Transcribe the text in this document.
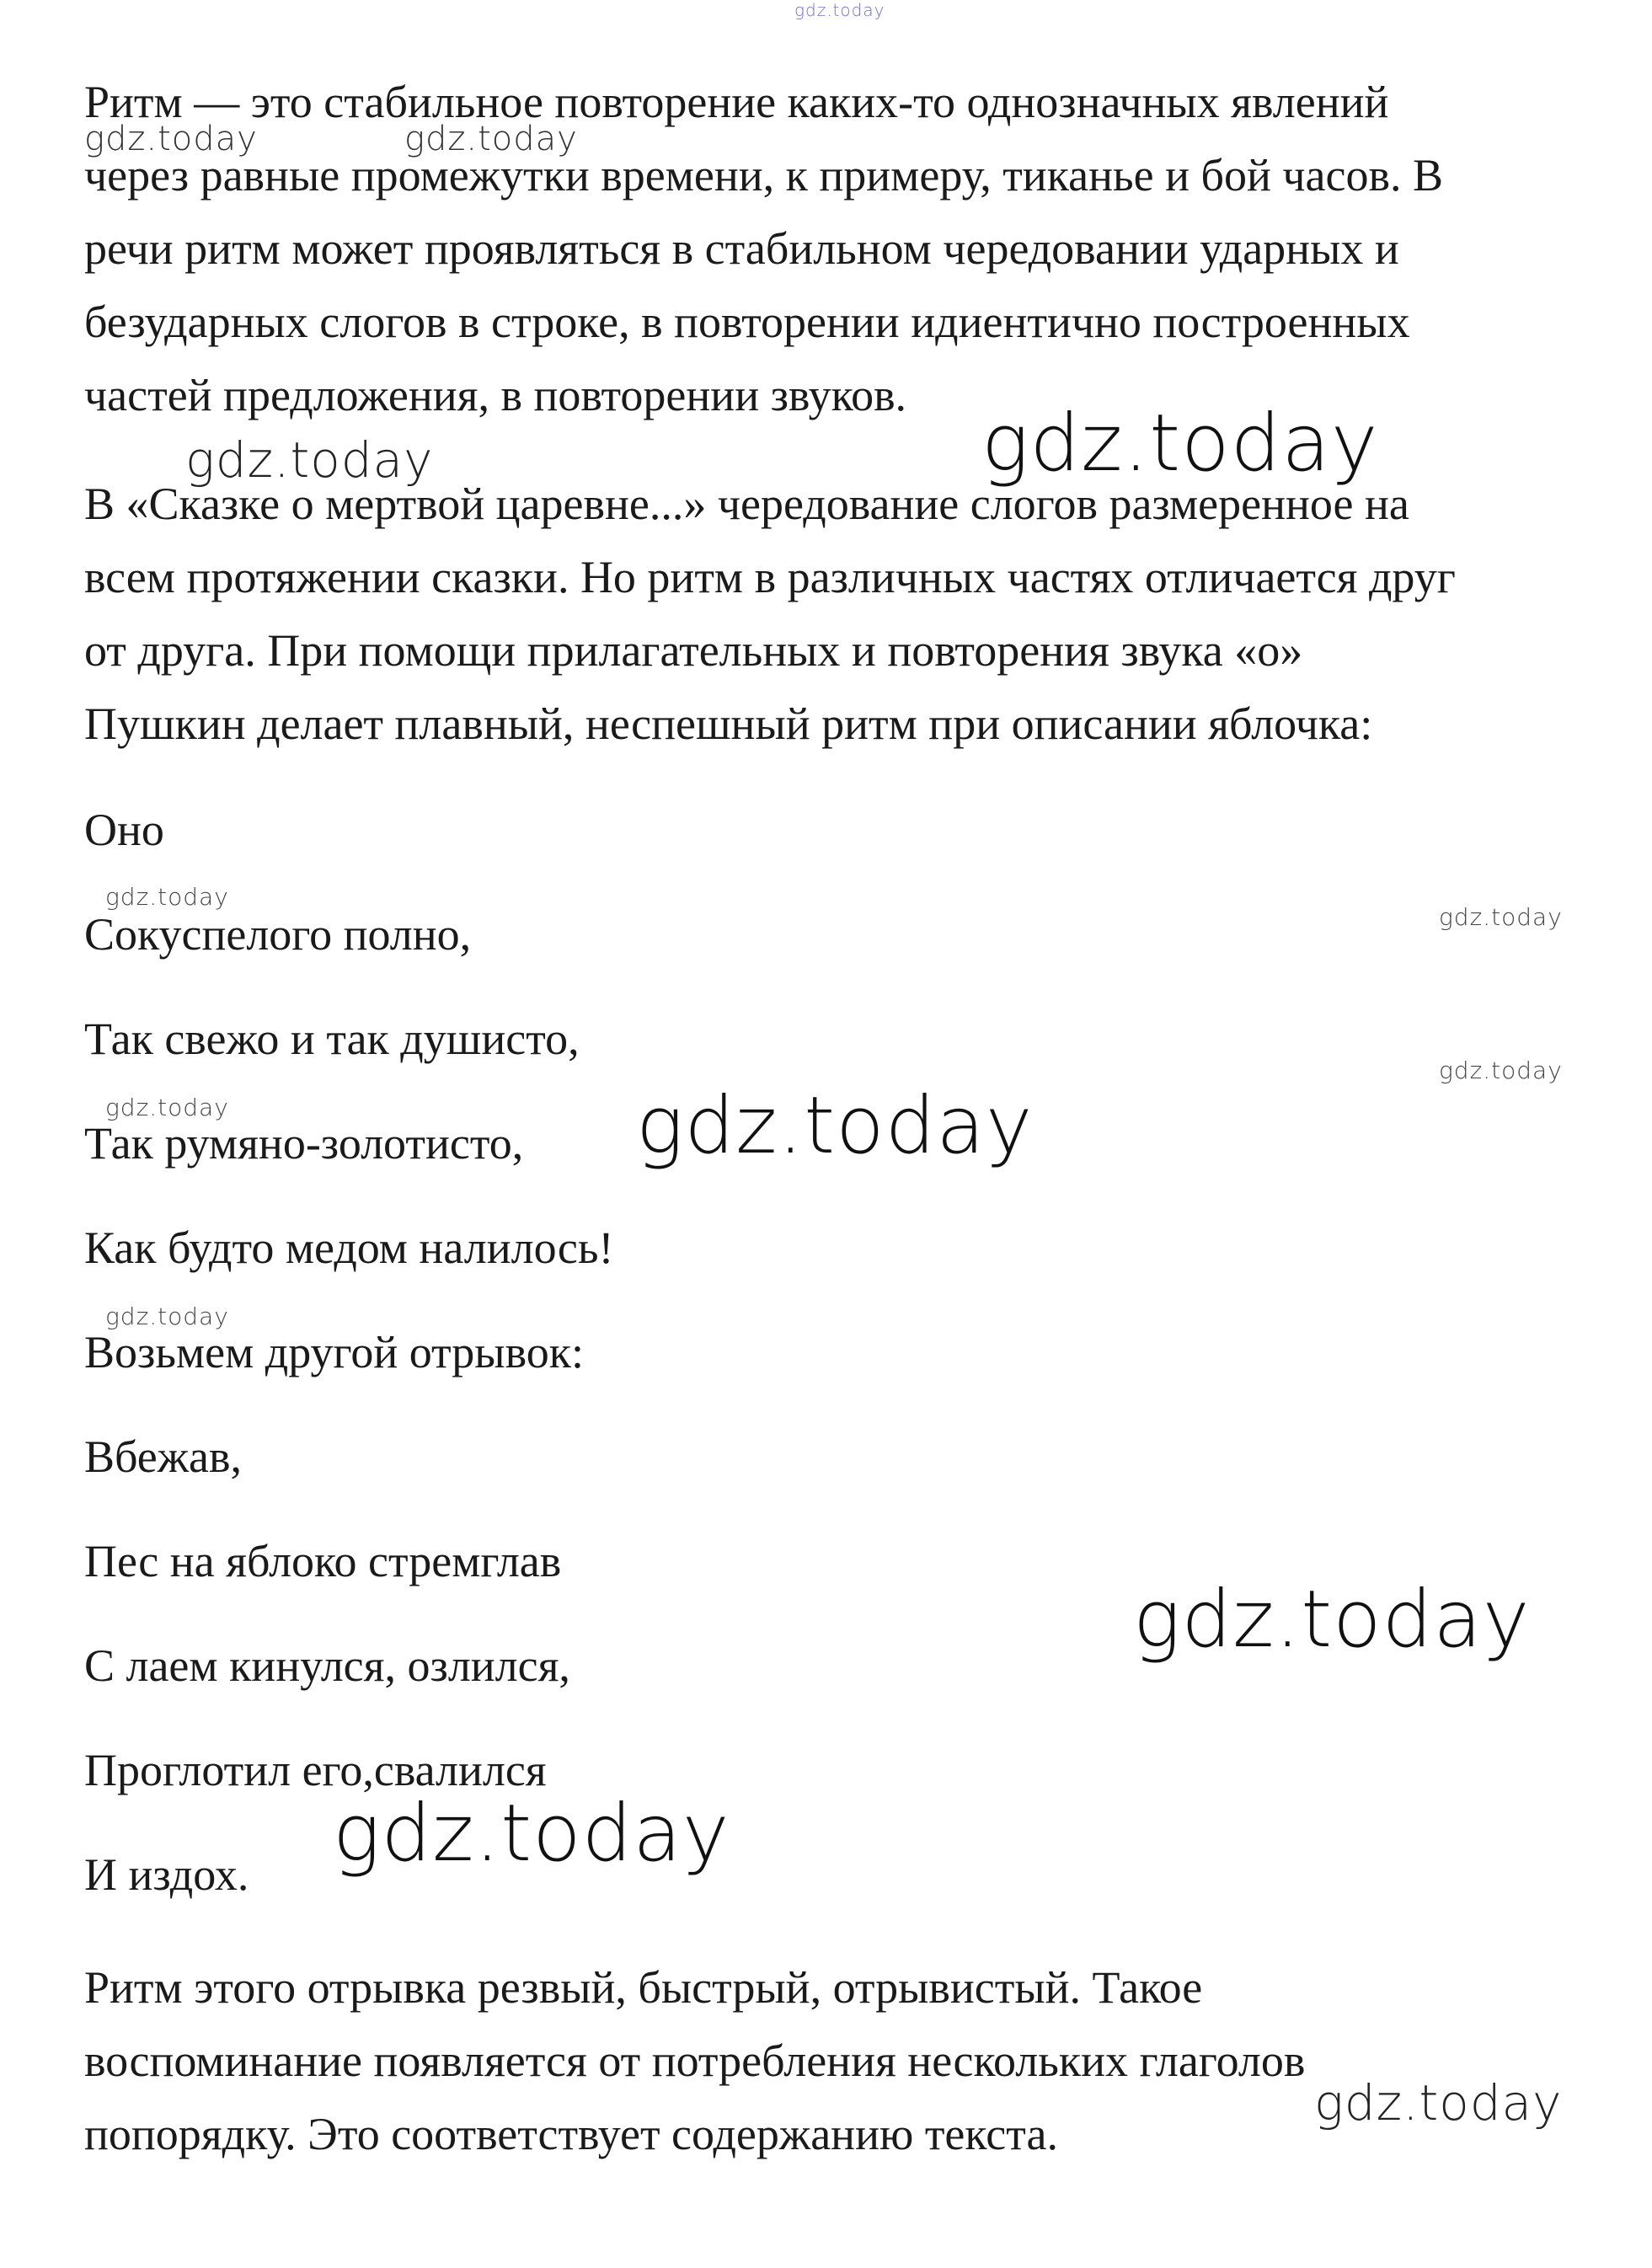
gdz.today
gdz.today	gdz.today
gdz.today	gdz.today
gdz.today
gdz.today
gdz.today
gdz.today	gdz.today
gdz.today
gdz.today
gdz.today
gdz.today

Ритм — это стабильное повторение каких-то однозначных явлений
через равные промежутки времени, к примеру, тиканье и бой часов. В
речи ритм может проявляться в стабильном чередовании ударных и
безударных слогов в строке, в повторении идиентично построенных
частей предложения, в повторении звуков.

В «Сказке о мертвой царевне...» чередование слогов размеренное на
всем протяжении сказки. Но ритм в различных частях отличается друг
от друга. При помощи прилагательных и повторения звука «о»
Пушкин делает плавный, неспешный ритм при описании яблочка:

Оно

Сокуспелого полно,

Так свежо и так душисто,

Так румяно-золотисто,

Как будто медом налилось!

Возьмем другой отрывок:

Вбежав,

Пес на яблоко стремглав

С лаем кинулся, озлился,

Проглотил его,свалился

И издох.

Ритм этого отрывка резвый, быстрый, отрывистый. Такое
воспоминание появляется от потребления нескольких глаголов
попорядку. Это соответствует содержанию текста.
